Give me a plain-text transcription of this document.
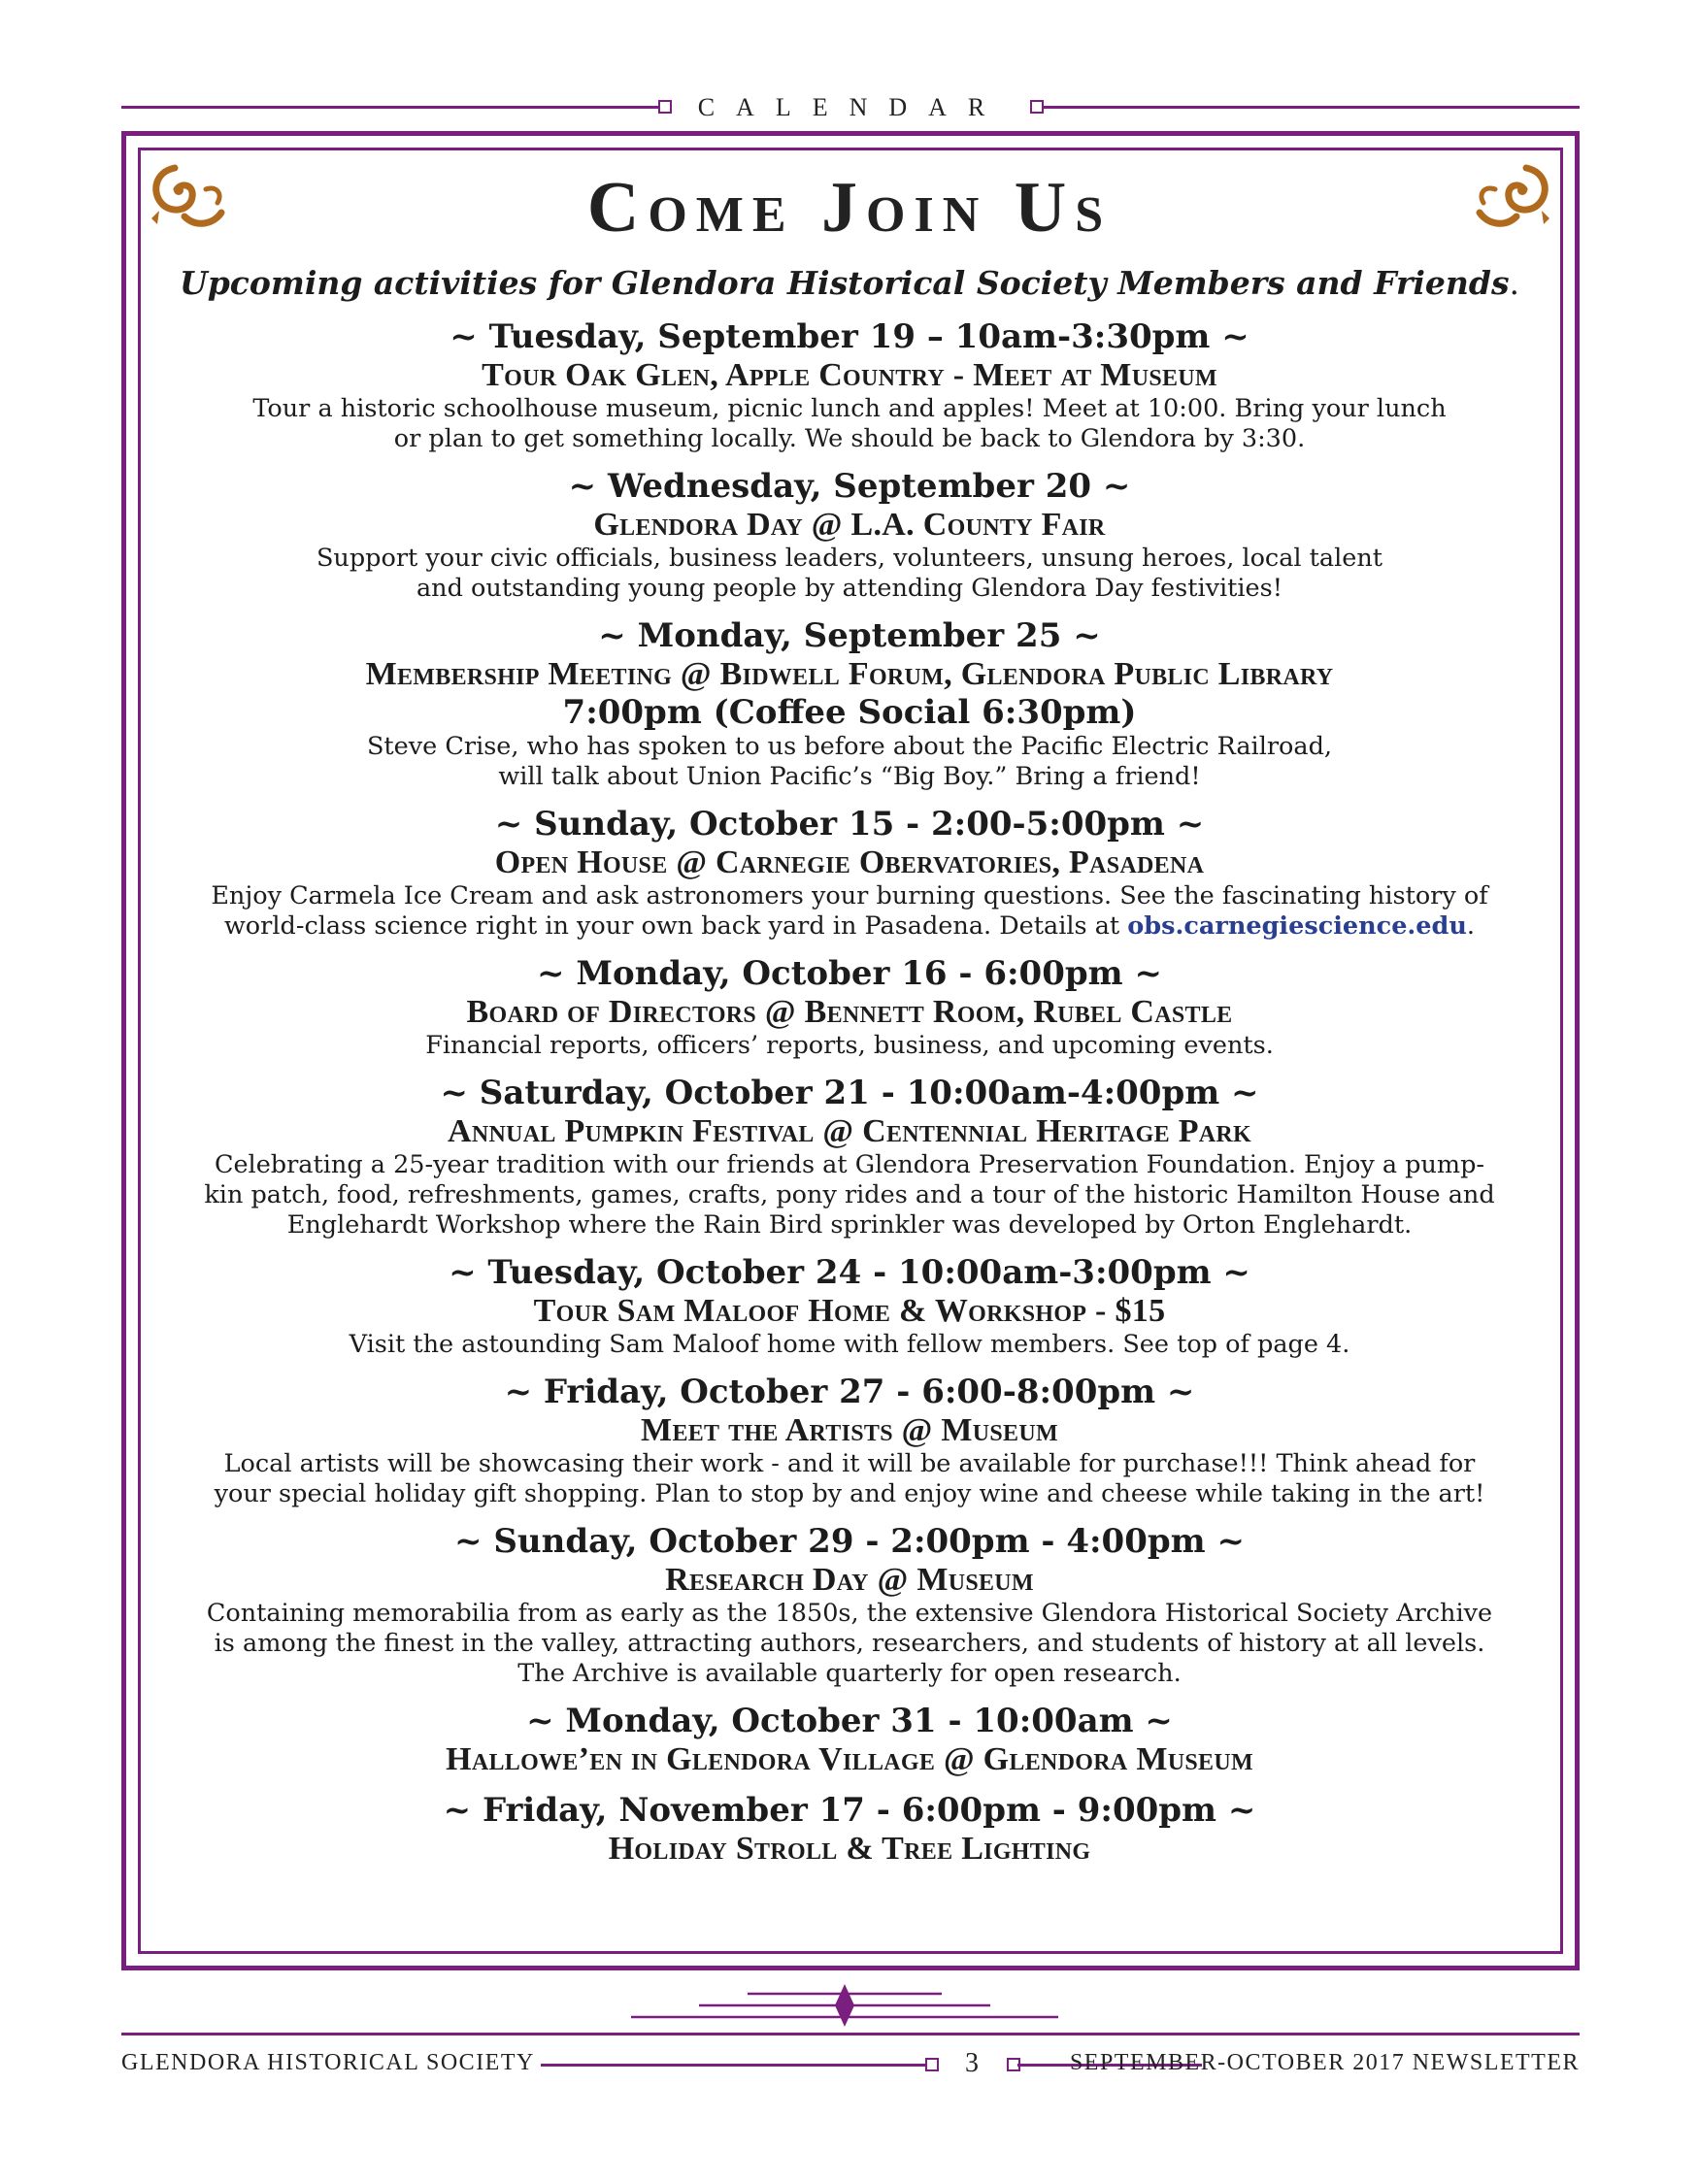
CALENDAR
Come Join Us
Upcoming activities for Glendora Historical Society Members and Friends.
~ Tuesday, September 19 – 10am-3:30pm ~
Tour Oak Glen, Apple Country - Meet at Museum
Tour a historic schoolhouse museum, picnic lunch and apples! Meet at 10:00. Bring your lunch
or plan to get something locally. We should be back to Glendora by 3:30.
~ Wednesday, September 20 ~
Glendora Day @ L.A. County Fair
Support your civic officials, business leaders, volunteers, unsung heroes, local talent
and outstanding young people by attending Glendora Day festivities!
~ Monday, September 25 ~
Membership Meeting @ Bidwell Forum, Glendora Public Library
7:00pm (Coffee Social 6:30pm)
Steve Crise, who has spoken to us before about the Pacific Electric Railroad,
will talk about Union Pacific’s “Big Boy.” Bring a friend!
~ Sunday, October 15 - 2:00-5:00pm ~
Open House @ Carnegie Obervatories, Pasadena
Enjoy Carmela Ice Cream and ask astronomers your burning questions. See the fascinating history of
world-class science right in your own back yard in Pasadena. Details at obs.carnegiescience.edu.
~ Monday, October 16 - 6:00pm ~
Board of Directors @ Bennett Room, Rubel Castle
Financial reports, officers’ reports, business, and upcoming events.
~ Saturday, October 21 - 10:00am-4:00pm ~
Annual Pumpkin Festival @ Centennial Heritage Park
Celebrating a 25-year tradition with our friends at Glendora Preservation Foundation. Enjoy a pump-
kin patch, food, refreshments, games, crafts, pony rides and a tour of the historic Hamilton House and
Englehardt Workshop where the Rain Bird sprinkler was developed by Orton Englehardt.
~ Tuesday, October 24 - 10:00am-3:00pm ~
Tour Sam Maloof Home & Workshop - $15
Visit the astounding Sam Maloof home with fellow members. See top of page 4.
~ Friday, October 27 - 6:00-8:00pm ~
Meet the Artists @ Museum
Local artists will be showcasing their work - and it will be available for purchase!!! Think ahead for
your special holiday gift shopping. Plan to stop by and enjoy wine and cheese while taking in the art!
~ Sunday, October 29 - 2:00pm - 4:00pm ~
Research Day @ Museum
Containing memorabilia from as early as the 1850s, the extensive Glendora Historical Society Archive
is among the finest in the valley, attracting authors, researchers, and students of history at all levels.
The Archive is available quarterly for open research.
~ Monday, October 31 - 10:00am ~
Hallowe’en in Glendora Village @ Glendora Museum
~ Friday, November 17 - 6:00pm - 9:00pm ~
Holiday Stroll & Tree Lighting
GLENDORA HISTORICAL SOCIETY	3	SEPTEMBER-OCTOBER 2017 NEWSLETTER
